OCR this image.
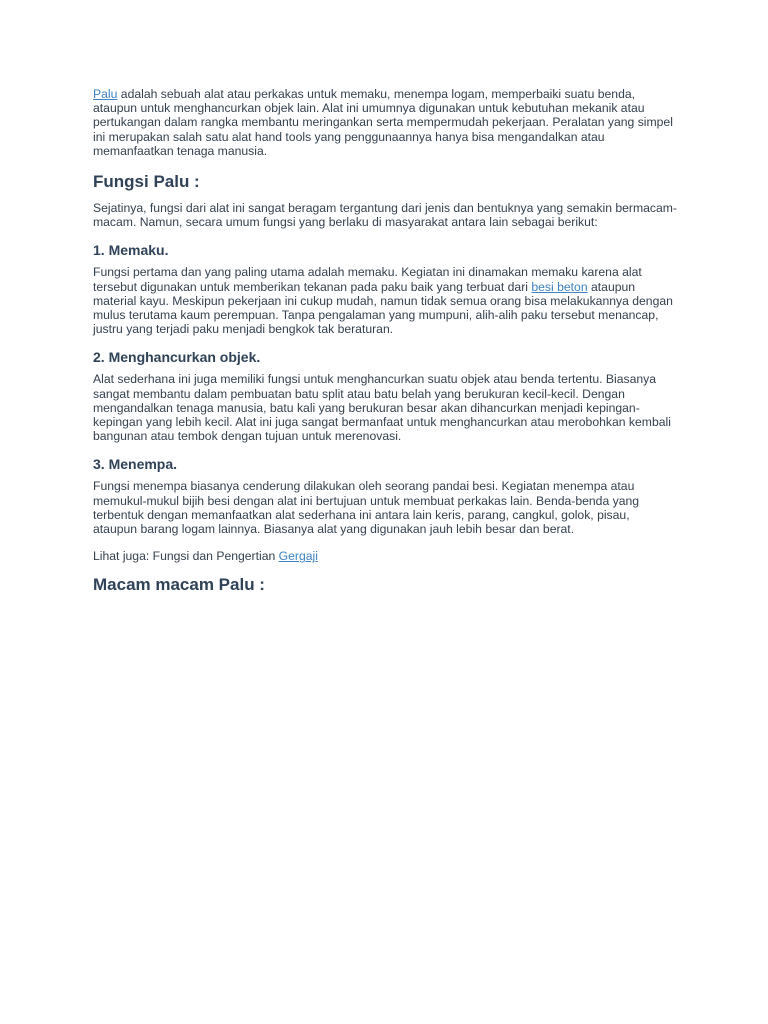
Palu adalah sebuah alat atau perkakas untuk memaku, menempa logam, memperbaiki suatu benda, ataupun untuk menghancurkan objek lain. Alat ini umumnya digunakan untuk kebutuhan mekanik atau pertukangan dalam rangka membantu meringankan serta mempermudah pekerjaan. Peralatan yang simpel ini merupakan salah satu alat hand tools yang penggunaannya hanya bisa mengandalkan atau memanfaatkan tenaga manusia.

Fungsi Palu :

Sejatinya, fungsi dari alat ini sangat beragam tergantung dari jenis dan bentuknya yang semakin bermacam-macam. Namun, secara umum fungsi yang berlaku di masyarakat antara lain sebagai berikut:

1. Memaku.

Fungsi pertama dan yang paling utama adalah memaku. Kegiatan ini dinamakan memaku karena alat tersebut digunakan untuk memberikan tekanan pada paku baik yang terbuat dari besi beton ataupun material kayu. Meskipun pekerjaan ini cukup mudah, namun tidak semua orang bisa melakukannya dengan mulus terutama kaum perempuan. Tanpa pengalaman yang mumpuni, alih-alih paku tersebut menancap, justru yang terjadi paku menjadi bengkok tak beraturan.

2. Menghancurkan objek.

Alat sederhana ini juga memiliki fungsi untuk menghancurkan suatu objek atau benda tertentu. Biasanya sangat membantu dalam pembuatan batu split atau batu belah yang berukuran kecil-kecil. Dengan mengandalkan tenaga manusia, batu kali yang berukuran besar akan dihancurkan menjadi kepingan-kepingan yang lebih kecil. Alat ini juga sangat bermanfaat untuk menghancurkan atau merobohkan kembali bangunan atau tembok dengan tujuan untuk merenovasi.

3. Menempa.

Fungsi menempa biasanya cenderung dilakukan oleh seorang pandai besi. Kegiatan menempa atau memukul-mukul bijih besi dengan alat ini bertujuan untuk membuat perkakas lain. Benda-benda yang terbentuk dengan memanfaatkan alat sederhana ini antara lain keris, parang, cangkul, golok, pisau, ataupun barang logam lainnya. Biasanya alat yang digunakan jauh lebih besar dan berat.

Lihat juga: Fungsi dan Pengertian Gergaji

Macam macam Palu :
